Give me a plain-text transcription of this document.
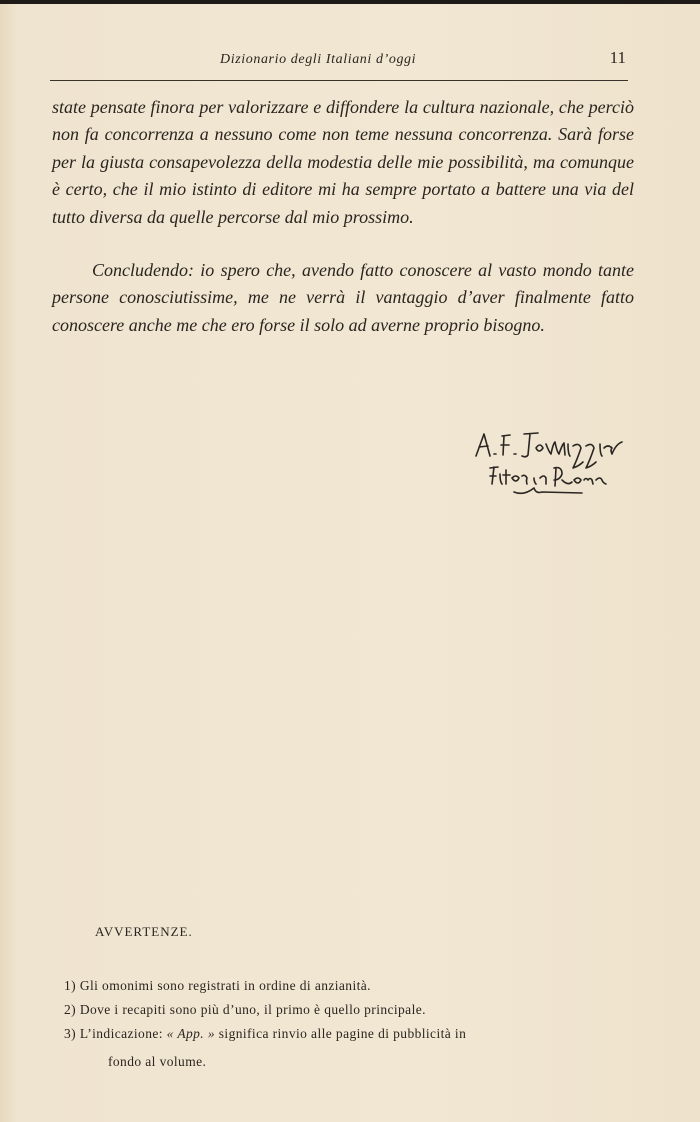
Dizionario degli Italiani d’oggi	11

state pensate finora per valorizzare e diffondere la cultura nazionale, che perciò non fa concorrenza a nessuno come non teme nessuna concorrenza. Sarà forse per la giusta consapevolezza della modestia delle mie possibilità, ma comunque è certo, che il mio istinto di editore mi ha sempre portato a battere una via del tutto diversa da quelle percorse dal mio prossimo.

Concludendo: io spero che, avendo fatto conoscere al vasto mondo tante persone conosciutissime, me ne verrà il vantaggio d’aver finalmente fatto conoscere anche me che ero forse il solo ad averne proprio bisogno.

AVVERTENZE.

1) Gli omonimi sono registrati in ordine di anzianità.

2) Dove i recapiti sono più d’uno, il primo è quello principale.

3) L’indicazione: « App. » significa rinvio alle pagine di pubblicità in

fondo al volume.
